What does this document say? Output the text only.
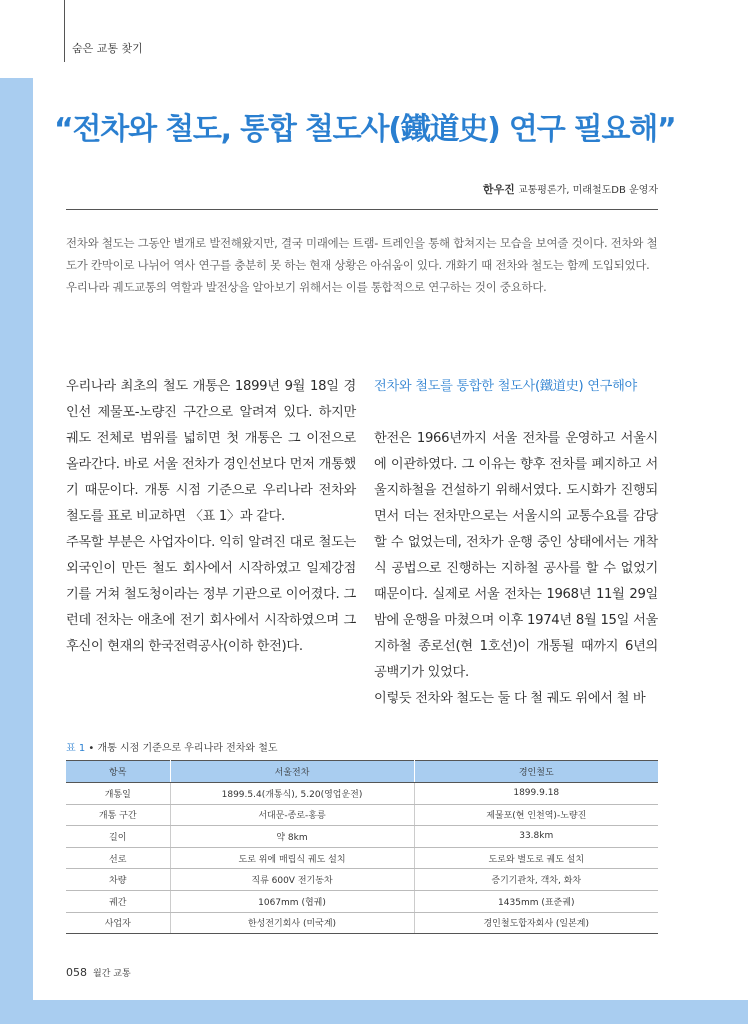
숨은 교통 찾기
“전차와 철도, 통합 철도사(鐵道史) 연구 필요해”
한우진 교통평론가, 미래철도DB 운영자

전차와 철도는 그동안 별개로 발전해왔지만, 결국 미래에는 트램- 트레인을 통해 합쳐지는 모습을 보여줄 것이다. 전차와 철도가 칸막이로 나뉘어 역사 연구를 충분히 못 하는 현재 상황은 아쉬움이 있다. 개화기 때 전차와 철도는 함께 도입되었다. 우리나라 궤도교통의 역할과 발전상을 알아보기 위해서는 이를 통합적으로 연구하는 것이 중요하다.

우리나라 최초의 철도 개통은 1899년 9월 18일 경인선 제물포-노량진 구간으로 알려져 있다. 하지만 궤도 전체로 범위를 넓히면 첫 개통은 그 이전으로 올라간다. 바로 서울 전차가 경인선보다 먼저 개통했기 때문이다. 개통 시점 기준으로 우리나라 전차와 철도를 표로 비교하면 〈표 1〉과 같다.

주목할 부분은 사업자이다. 익히 알려진 대로 철도는 외국인이 만든 철도 회사에서 시작하였고 일제강점기를 거쳐 철도청이라는 정부 기관으로 이어졌다. 그런데 전차는 애초에 전기 회사에서 시작하였으며 그 후신이 현재의 한국전력공사(이하 한전)다.

전차와 철도를 통합한 철도사(鐵道史) 연구해야

한전은 1966년까지 서울 전차를 운영하고 서울시에 이관하였다. 그 이유는 향후 전차를 폐지하고 서울지하철을 건설하기 위해서였다. 도시화가 진행되면서 더는 전차만으로는 서울시의 교통수요를 감당할 수 없었는데, 전차가 운행 중인 상태에서는 개착식 공법으로 진행하는 지하철 공사를 할 수 없었기 때문이다. 실제로 서울 전차는 1968년 11월 29일 밤에 운행을 마쳤으며 이후 1974년 8월 15일 서울지하철 종로선(현 1호선)이 개통될 때까지 6년의 공백기가 있었다.

이렇듯 전차와 철도는 둘 다 철 궤도 위에서 철 바

표 1 • 개통 시점 기준으로 우리나라 전차와 철도
항목	서울전차	경인철도
개통일	1899.5.4(개통식), 5.20(영업운전)	1899.9.18
개통 구간	서대문-종로-홍릉	제물포(현 인천역)-노량진
길이	약 8km	33.8km
선로	도로 위에 매립식 궤도 설치	도로와 별도로 궤도 설치
차량	직류 600V 전기동차	증기기관차, 객차, 화차
궤간	1067mm (협궤)	1435mm (표준궤)
사업자	한성전기회사 (미국계)	경인철도합자회사 (일본계)
058 월간 교통
